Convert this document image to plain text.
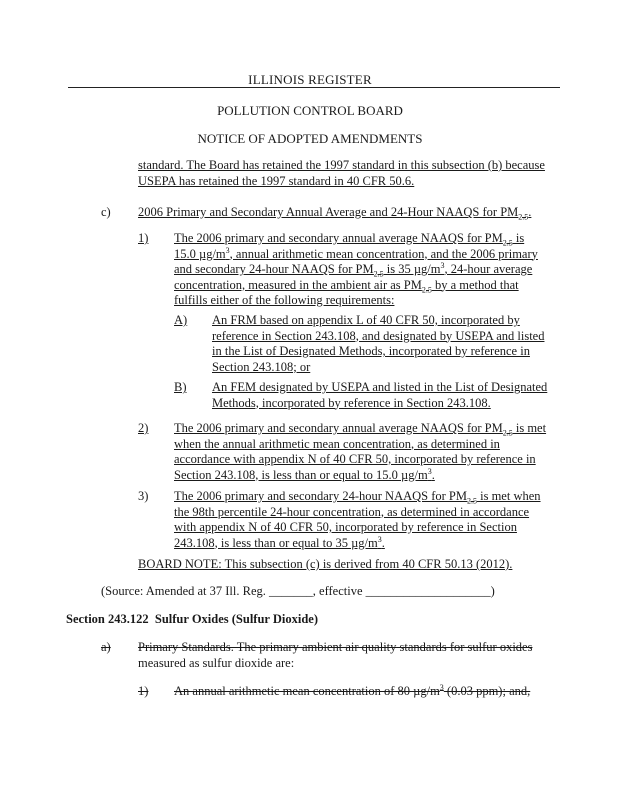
ILLINOIS REGISTER
POLLUTION CONTROL BOARD
NOTICE OF ADOPTED AMENDMENTS
standard. The Board has retained the 1997 standard in this subsection (b) because
USEPA has retained the 1997 standard in 40 CFR 50.6.
c) 2006 Primary and Secondary Annual Average and 24-Hour NAAQS for $PM_{2.5}$.
1) The 2006 primary and secondary annual average NAAQS for $PM_{2.5}$ is
15.0 $\mu g/m^3$, annual arithmetic mean concentration, and the 2006 primary
and secondary 24-hour NAAQS for $PM_{2.5}$ is 35 $\mu g/m^3$, 24-hour average
concentration, measured in the ambient air as $PM_{2.5}$ by a method that
fulfills either of the following requirements:
A) An FRM based on appendix L of 40 CFR 50, incorporated by
reference in Section 243.108, and designated by USEPA and listed
in the List of Designated Methods, incorporated by reference in
Section 243.108; or
B) An FEM designated by USEPA and listed in the List of Designated
Methods, incorporated by reference in Section 243.108.
2) The 2006 primary and secondary annual average NAAQS for $PM_{2.5}$ is met
when the annual arithmetic mean concentration, as determined in
accordance with appendix N of 40 CFR 50, incorporated by reference in
Section 243.108, is less than or equal to 15.0 $\mu g/m^3$.
3) The 2006 primary and secondary 24-hour NAAQS for $PM_{2.5}$ is met when
the 98th percentile 24-hour concentration, as determined in accordance
with appendix N of 40 CFR 50, incorporated by reference in Section
243.108, is less than or equal to 35 $\mu g/m^3$.
BOARD NOTE: This subsection (c) is derived from 40 CFR 50.13 (2012).
(Source: Amended at 37 Ill. Reg. _______, effective ____________________)
Section 243.122 Sulfur Oxides (Sulfur Dioxide)
a) Primary Standards. The primary ambient air quality standards for sulfur oxides
measured as sulfur dioxide are:
1) An annual arithmetic mean concentration of 80 $\mu g/m^3$ (0.03 ppm); and,
